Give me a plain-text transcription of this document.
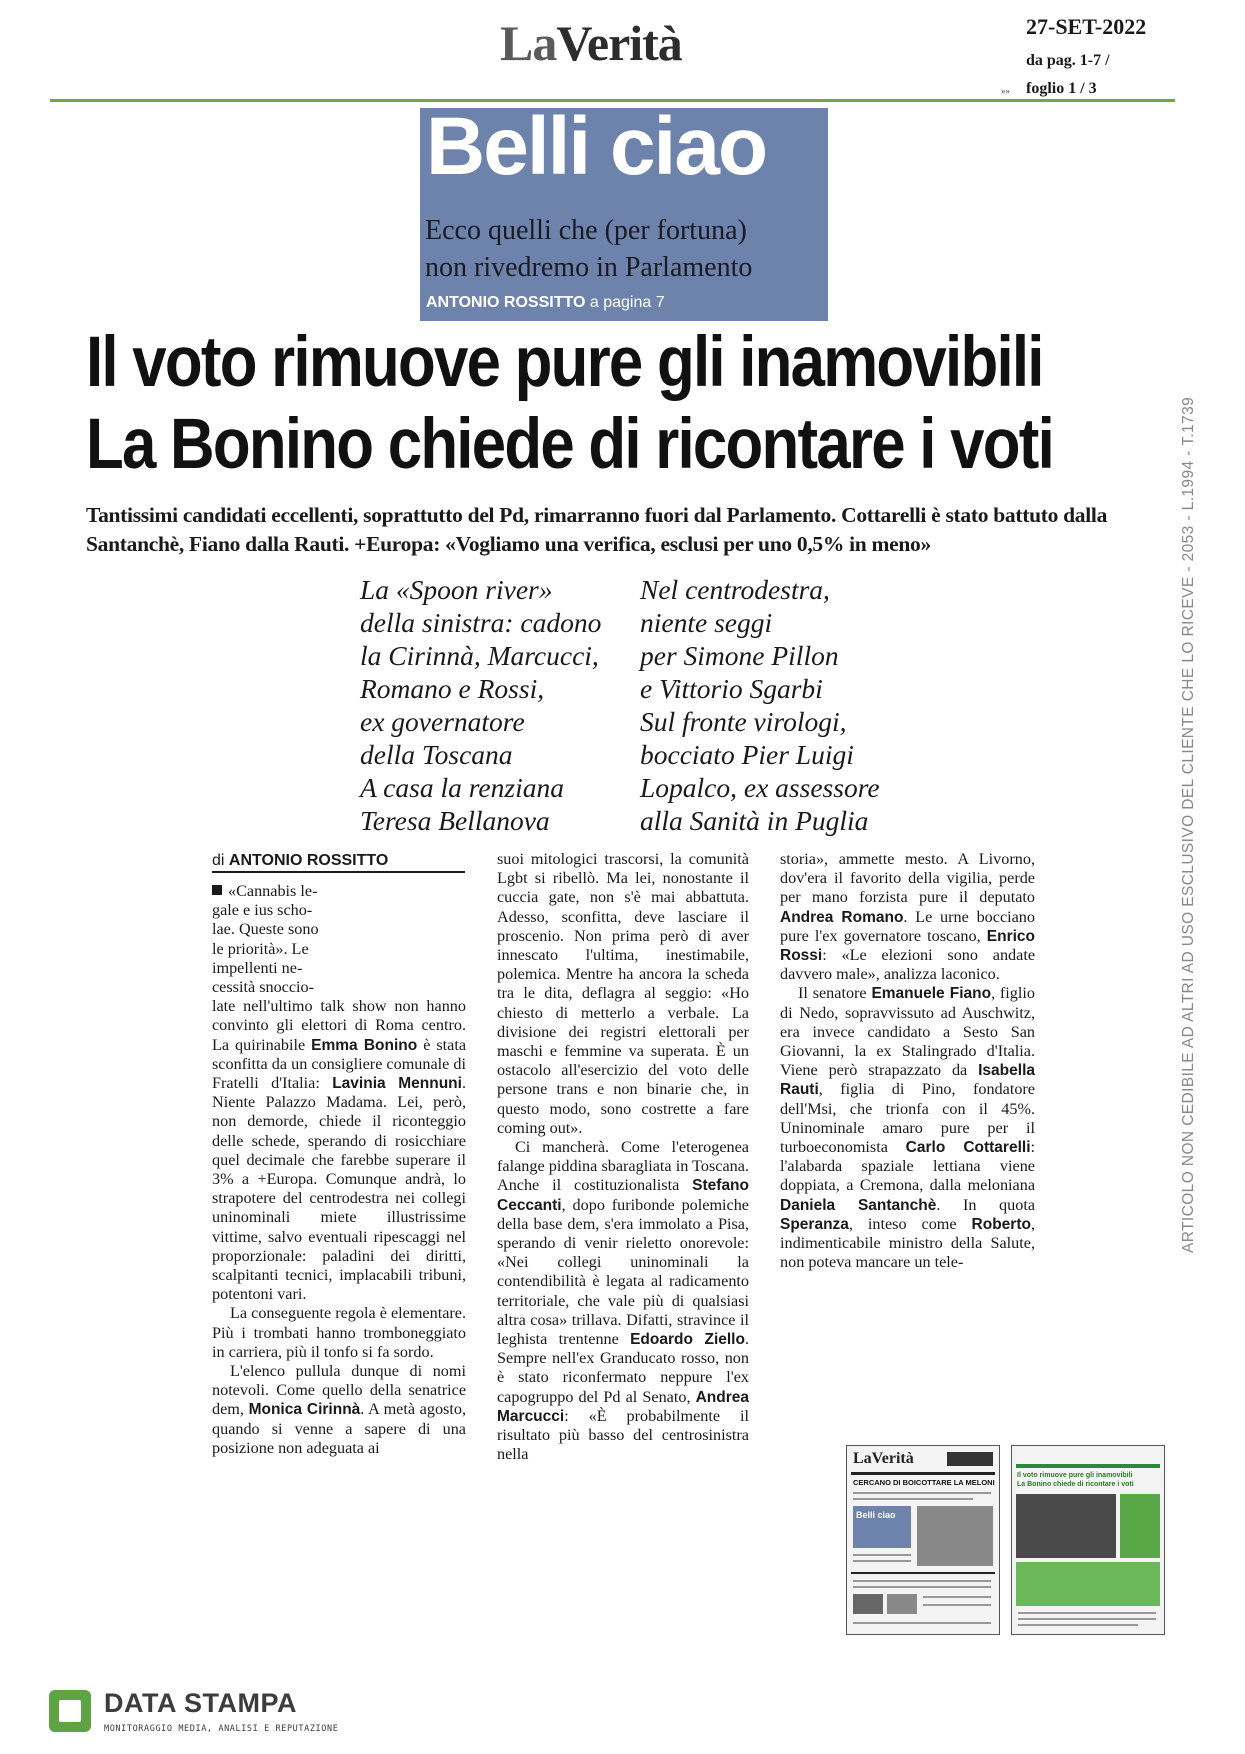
LaVerità	27-SET-2022
da pag. 1-7 /
»» foglio 1 / 3
Belli ciao
Ecco quelli che (per fortuna)
non rivedremo in Parlamento
ANTONIO ROSSITTO a pagina 7
Il voto rimuove pure gli inamovibili
La Bonino chiede di ricontare i voti
Tantissimi candidati eccellenti, soprattutto del Pd, rimarranno fuori dal Parlamento. Cottarelli è stato battuto dalla Santanchè, Fiano dalla Rauti. +Europa: «Vogliamo una verifica, esclusi per uno 0,5% in meno»
La «Spoon river»
della sinistra: cadono
la Cirinnà, Marcucci,
Romano e Rossi,
ex governatore
della Toscana
A casa la renziana
Teresa Bellanova
Nel centrodestra,
niente seggi
per Simone Pillon
e Vittorio Sgarbi
Sul fronte virologi,
bocciato Pier Luigi
Lopalco, ex assessore
alla Sanità in Puglia
di ANTONIO ROSSITTO
«Cannabis le-
gale e ius scho-
lae. Queste sono
le priorità». Le
impellenti ne-
cessità snoccio-

late nell'ultimo talk show non hanno convinto gli elettori di Roma centro. La quirinabile Emma Bonino è stata sconfitta da un consigliere comunale di Fratelli d'Italia: Lavinia Mennuni. Niente Palazzo Madama. Lei, però, non demorde, chiede il riconteggio delle schede, sperando di rosicchiare quel decimale che farebbe superare il 3% a +Europa. Comunque andrà, lo strapotere del centrodestra nei collegi uninominali miete illustrissime vittime, salvo eventuali ripescaggi nel proporzionale: paladini dei diritti, scalpitanti tecnici, implacabili tribuni, potentoni vari.

La conseguente regola è elementare. Più i trombati hanno tromboneggiato in carriera, più il tonfo si fa sordo.

L'elenco pullula dunque di nomi notevoli. Come quello della senatrice dem, Monica Cirinnà. A metà agosto, quando si venne a sapere di una posizione non adeguata ai

suoi mitologici trascorsi, la comunità Lgbt si ribellò. Ma lei, nonostante il cuccia gate, non s'è mai abbattuta. Adesso, sconfitta, deve lasciare il proscenio. Non prima però di aver innescato l'ultima, inestimabile, polemica. Mentre ha ancora la scheda tra le dita, deflagra al seggio: «Ho chiesto di metterlo a verbale. La divisione dei registri elettorali per maschi e femmine va superata. È un ostacolo all'esercizio del voto delle persone trans e non binarie che, in questo modo, sono costrette a fare coming out».

Ci mancherà. Come l'eterogenea falange piddina sbaragliata in Toscana. Anche il costituzionalista Stefano Ceccanti, dopo furibonde polemiche della base dem, s'era immolato a Pisa, sperando di venir rieletto onorevole: «Nei collegi uninominali la contendibilità è legata al radicamento territoriale, che vale più di qualsiasi altra cosa» trillava. Difatti, stravince il leghista trentenne Edoardo Ziello. Sempre nell'ex Granducato rosso, non è stato riconfermato neppure l'ex capogruppo del Pd al Senato, Andrea Marcucci: «È probabilmente il risultato più basso del centrosinistra nella

storia», ammette mesto. A Livorno, dov'era il favorito della vigilia, perde per mano forzista pure il deputato Andrea Romano. Le urne bocciano pure l'ex governatore toscano, Enrico Rossi: «Le elezioni sono andate davvero male», analizza laconico.

Il senatore Emanuele Fiano, figlio di Nedo, sopravvissuto ad Auschwitz, era invece candidato a Sesto San Giovanni, la ex Stalingrado d'Italia. Viene però strapazzato da Isabella Rauti, figlia di Pino, fondatore dell'Msi, che trionfa con il 45%. Uninominale amaro pure per il turboeconomista Carlo Cottarelli: l'alabarda spaziale lettiana viene doppiata, a Cremona, dalla meloniana Daniela Santanchè. In quota Speranza, inteso come Roberto, indimenticabile ministro della Salute, non poteva mancare un tele-

LaVerità
CERCANO DI BOICOTTARE LA MELONI
Belli ciao
Il voto rimuove pure gli inamovibili
La Bonino chiede di ricontare i voti
ARTICOLO NON CEDIBILE AD ALTRI AD USO ESCLUSIVO DEL CLIENTE CHE LO RICEVE - 2053 - L.1994 - T.1739
DATA STAMPA
MONITORAGGIO MEDIA, ANALISI E REPUTAZIONE
